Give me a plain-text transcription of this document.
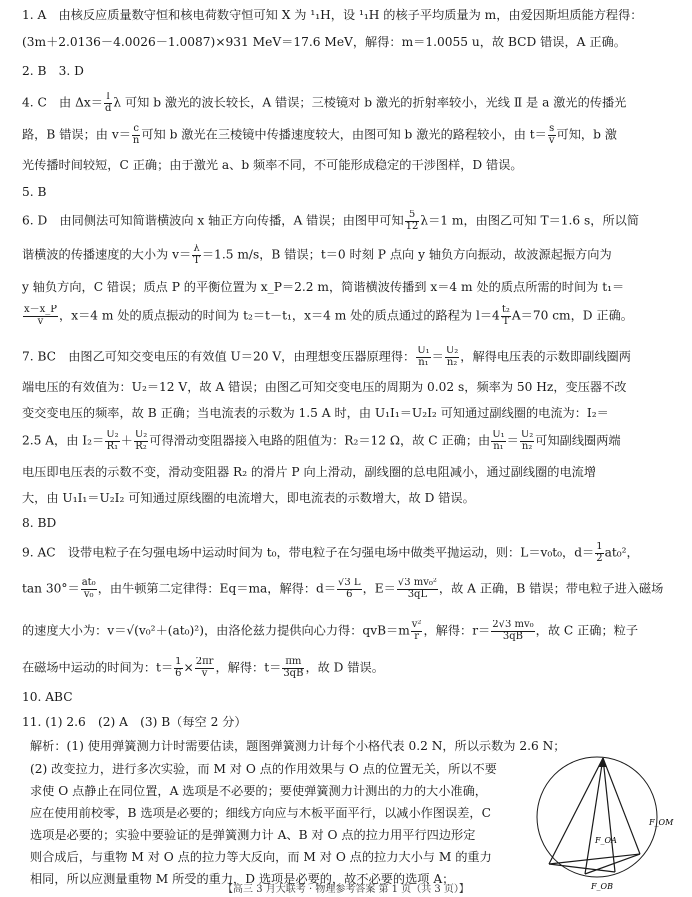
1. A　由核反应质量数守恒和核电荷数守恒可知 X 为 ¹₁H，设 ¹₁H 的核子平均质量为 m，由爱因斯坦质能方程得：
(3m＋2.0136－4.0026－1.0087)×931 MeV＝17.6 MeV，解得：m＝1.0055 u，故 BCD 错误，A 正确。
2. B　3. D
4. C　由 $\Delta x= \frac{l}{d}$ λ 可知 b 激光的波长较长，A 错误；三棱镜对 b 激光的折射率较小，光线 Ⅱ 是 a 激光的传播光
路，B 错误；由 $v= \frac{c}{n}$ 可知 b 激光在三棱镜中传播速度较大，由图可知 b 激光的路程较小，由 $t= \frac{s}{v}$ 可知，b 激
光传播时间较短，C 正确；由于激光 a、b 频率不同，不可能形成稳定的干涉图样，D 错误。
5. B
6. D　由同侧法可知简谐横波向 x 轴正方向传播，A 错误；由图甲可知 $\frac{5}{12} \lambda=1$ m，由图乙可知 T＝1.6 s，所以简
谐横波的传播速度的大小为 $v= \frac{\lambda}{T} =1.5$ m/s，B 错误；t＝0 时刻 P 点向 y 轴负方向振动，故波源起振方向为
y 轴负方向，C 错误；质点 P 的平衡位置为 x_P＝2.2 m，简谐横波传播到 x＝4 m 处的质点所需的时间为 t₁＝
$\frac{x-x\_P}{v}$ ，x＝4 m 处的质点振动的时间为 t₂＝t－t₁，x＝4 m 处的质点通过的路程为 $l=4 \frac{\text{t₂}}{T} A=70$ cm，D 正确。
7. BC　由图乙可知交变电压的有效值 U＝20 V，由理想变压器原理得： $\frac{\text{U₁}}{\text{n₁}} = \frac{\text{U₂}}{\text{n₂}}$ ，解得电压表的示数即副线圈两
端电压的有效值为：U₂＝12 V，故 A 错误；由图乙可知交变电压的周期为 0.02 s，频率为 50 Hz，变压器不改
变交变电压的频率，故 B 正确；当电流表的示数为 1.5 A 时，由 U₁I₁＝U₂I₂ 可知通过副线圈的电流为：I₂＝
2.5 A，由 $I_2= \frac{\text{U₂}}{\text{R₁}} + \frac{\text{U₂}}{\text{R₂}}$ 可得滑动变阻器接入电路的阻值为：R₂＝12 Ω，故 C 正确；由 $\frac{\text{U₁}}{\text{n₁}} = \frac{\text{U₂}}{\text{n₂}}$ 可知副线圈两端
电压即电压表的示数不变，滑动变阻器 R₂ 的滑片 P 向上滑动，副线圈的总电阻减小，通过副线圈的电流增
大，由 U₁I₁＝U₂I₂ 可知通过原线圈的电流增大，即电流表的示数增大，故 D 错误。
8. BD
9. AC　设带电粒子在匀强电场中运动时间为 t₀，带电粒子在匀强电场中做类平抛运动，则：L＝v₀t₀，$d= \frac{1}{2} at_0^2$，
$\tan 30^\circ= \frac{\text{at₀}}{\text{v₀}}$ ，由牛顿第二定律得：Eq＝ma，解得：$d= \frac{√3 L}{6}$ ，$E= \frac{\text{√3 mv₀²}}{3qL}$ ，故 A 正确，B 错误；带电粒子进入磁场
的速度大小为：v＝√(v₀²＋(at₀)²)，由洛伦兹力提供向心力得：$qvB=m \frac{\text{v²}}{r}$ ，解得：$r= \frac{\text{2√3 mv₀}}{3qB}$ ，故 C 正确；粒子
在磁场中运动的时间为：$t= \frac{1}{6} \times \frac{2\pi r}{v}$ ，解得：$t= \frac{\pi m}{3qB}$ ，故 D 错误。
10. ABC
11. (1) 2.6　(2) A　(3) B（每空 2 分）
解析：(1) 使用弹簧测力计时需要估读，题图弹簧测力计每个小格代表 0.2 N，所以示数为 2.6 N；
(2) 改变拉力，进行多次实验，而 M 对 O 点的作用效果与 O 点的位置无关，所以不要
求使 O 点静止在同位置，A 选项是不必要的；要使弹簧测力计测出的力的大小准确，
应在使用前校零，B 选项是必要的；细线方向应与木板平面平行，以减小作图误差，C
选项是必要的；实验中要验证的是弹簧测力计 A、B 对 O 点的拉力用平行四边形定
则合成后，与重物 M 对 O 点的拉力等大反向，而 M 对 O 点的拉力大小与 M 的重力
相同，所以应测量重物 M 所受的重力，D 选项是必要的，故不必要的选项 A；
F_OA
F_OM
F_OB
【高三 3 月大联考 · 物理参考答案 第 1 页（共 3 页）】
